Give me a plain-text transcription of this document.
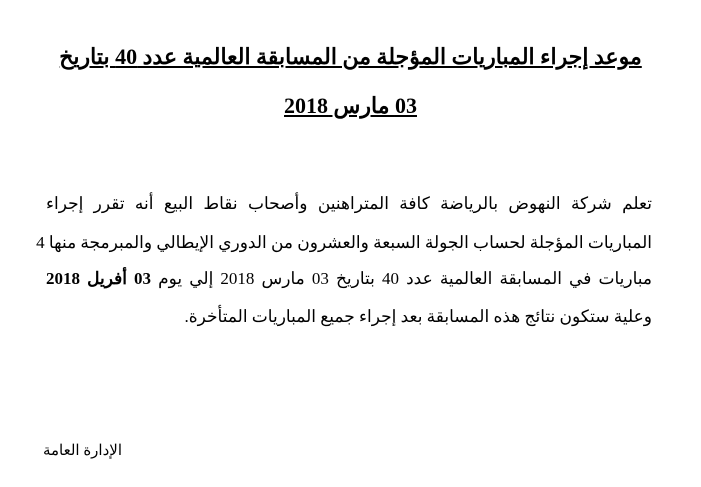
موعد إجراء المباريات المؤجلة من المسابقة العالمية عدد 40 بتاريخ
03 مارس 2018
تعلم شركة النهوض بالرياضة كافة المتراهنين وأصحاب نقاط البيع أنه تقرر إجراء
المباريات المؤجلة لحساب الجولة السبعة والعشرون من الدوري الإيطالي والمبرمجة منها 4
مباريات في المسابقة العالمية عدد 40 بتاريخ 03 مارس 2018 إلي يوم 03 أفريل 2018
وعلية ستكون نتائج هذه المسابقة بعد إجراء جميع المباريات المتأخرة.
الإدارة العامة
